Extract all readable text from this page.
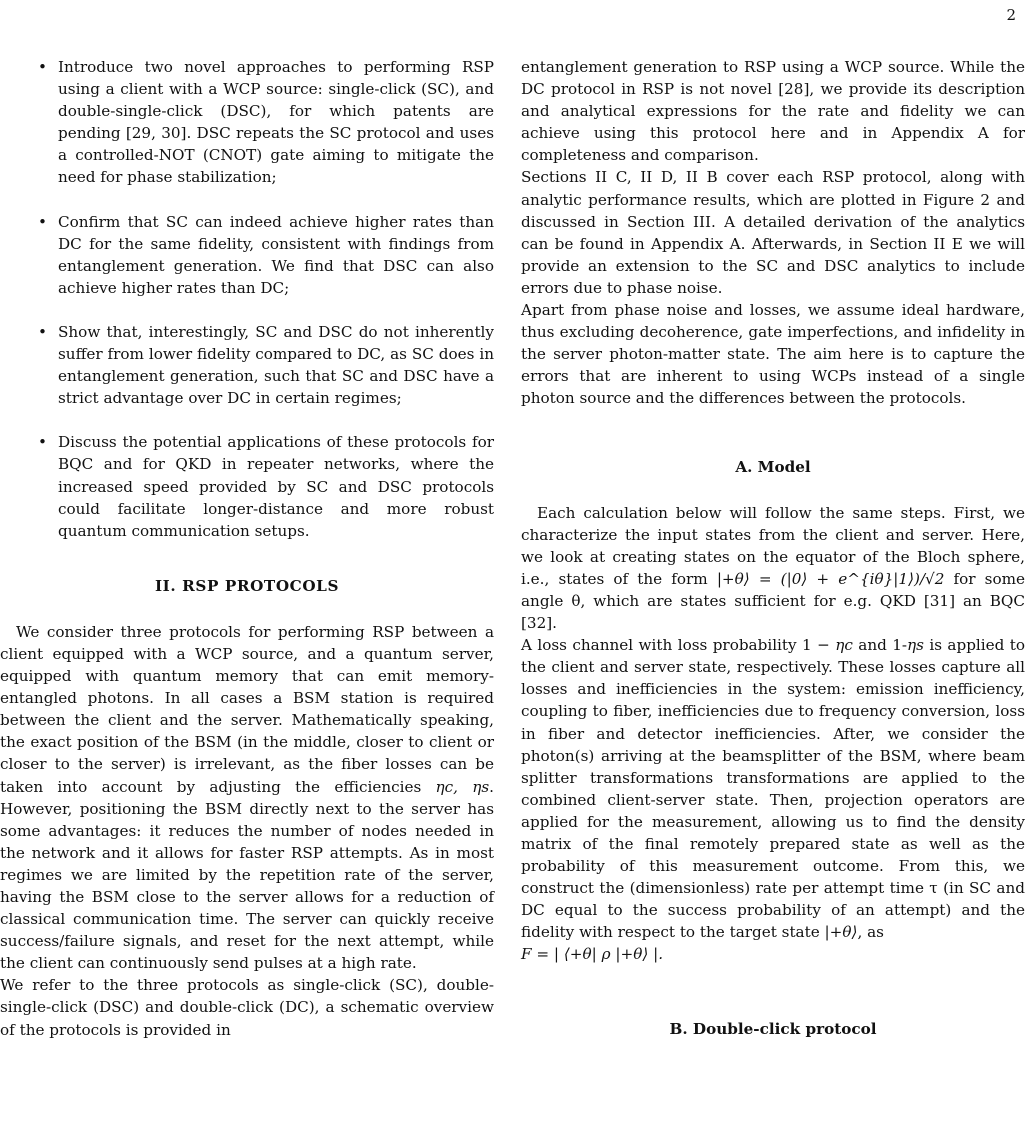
2
• Introduce two novel approaches to performing RSP using a client with a WCP source: single-click (SC), and double-single-click (DSC), for which patents are pending [29, 30]. DSC repeats the SC protocol and uses a controlled-NOT (CNOT) gate aiming to mitigate the need for phase stabilization;
• Confirm that SC can indeed achieve higher rates than DC for the same fidelity, consistent with findings from entanglement generation. We find that DSC can also achieve higher rates than DC;
• Show that, interestingly, SC and DSC do not inherently suffer from lower fidelity compared to DC, as SC does in entanglement generation, such that SC and DSC have a strict advantage over DC in certain regimes;
• Discuss the potential applications of these protocols for BQC and for QKD in repeater networks, where the increased speed provided by SC and DSC protocols could facilitate longer-distance and more robust quantum communication setups.
II. RSP PROTOCOLS

We consider three protocols for performing RSP between a client equipped with a WCP source, and a quantum server, equipped with quantum memory that can emit memory-entangled photons. In all cases a BSM station is required between the client and the server. Mathematically speaking, the exact position of the BSM (in the middle, closer to client or closer to the server) is irrelevant, as the fiber losses can be taken into account by adjusting the efficiencies ηc, ηs. However, positioning the BSM directly next to the server has some advantages: it reduces the number of nodes needed in the network and it allows for faster RSP attempts. As in most regimes we are limited by the repetition rate of the server, having the BSM close to the server allows for a reduction of classical communication time. The server can quickly receive success/failure signals, and reset for the next attempt, while the client can continuously send pulses at a high rate.

We refer to the three protocols as single-click (SC), double-single-click (DSC) and double-click (DC), a schematic overview of the protocols is provided in

entanglement generation to RSP using a WCP source. While the DC protocol in RSP is not novel [28], we provide its description and analytical expressions for the rate and fidelity we can achieve using this protocol here and in Appendix A for completeness and comparison.

Sections II C, II D, II B cover each RSP protocol, along with analytic performance results, which are plotted in Figure 2 and discussed in Section III. A detailed derivation of the analytics can be found in Appendix A. Afterwards, in Section II E we will provide an extension to the SC and DSC analytics to include errors due to phase noise.

Apart from phase noise and losses, we assume ideal hardware, thus excluding decoherence, gate imperfections, and infidelity in the server photon-matter state. The aim here is to capture the errors that are inherent to using WCPs instead of a single photon source and the differences between the protocols.

A. Model

Each calculation below will follow the same steps. First, we characterize the input states from the client and server. Here, we look at creating states on the equator of the Bloch sphere, i.e., states of the form |+θ⟩ = (|0⟩ + e^{iθ}|1⟩)/√2 for some angle θ, which are states sufficient for e.g. QKD [31] an BQC [32].

A loss channel with loss probability 1 − ηc and 1-ηs is applied to the client and server state, respectively. These losses capture all losses and inefficiencies in the system: emission inefficiency, coupling to fiber, inefficiencies due to frequency conversion, loss in fiber and detector inefficiencies. After, we consider the photon(s) arriving at the beamsplitter of the BSM, where beam splitter transformations transformations are applied to the combined client-server state. Then, projection operators are applied for the measurement, allowing us to find the density matrix of the final remotely prepared state as well as the probability of this measurement outcome. From this, we construct the (dimensionless) rate per attempt time τ (in SC and DC equal to the success probability of an attempt) and the fidelity with respect to the target state |+θ⟩, as
F = | ⟨+θ| ρ |+θ⟩ |.

B. Double-click protocol
